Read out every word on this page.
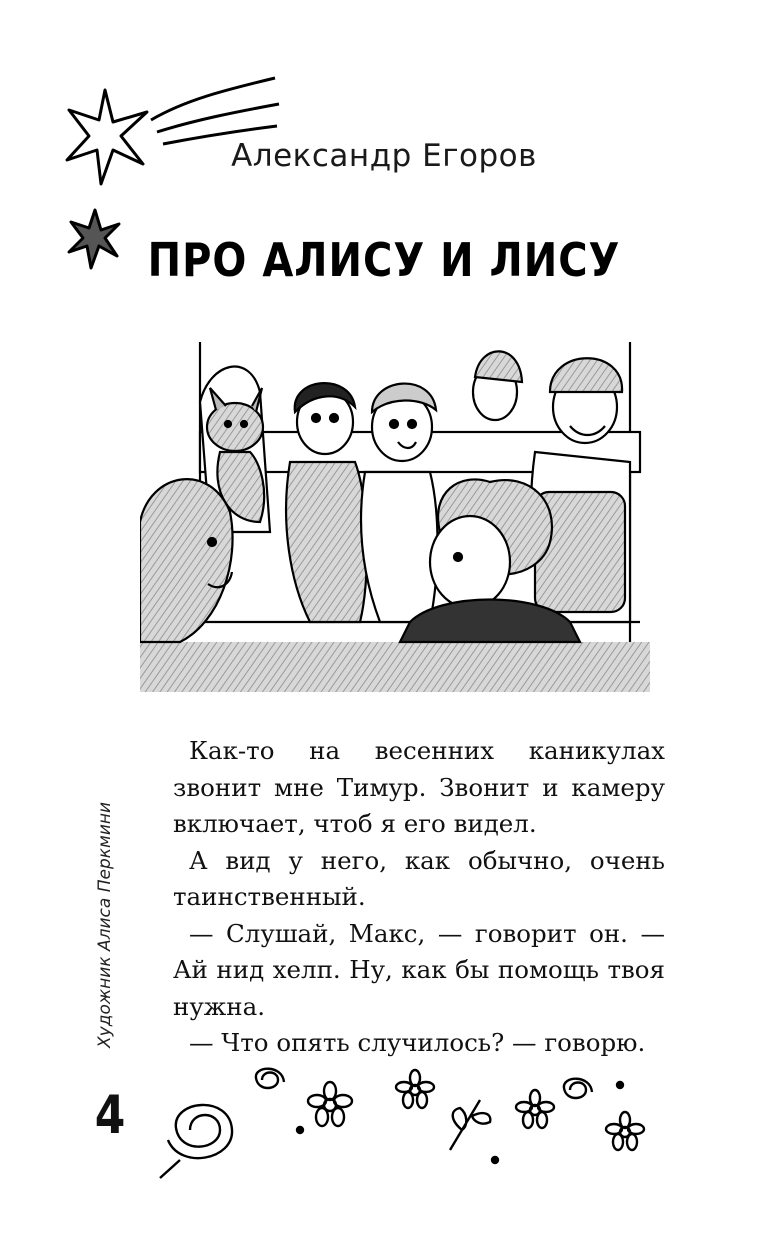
Александр Егоров
ПРО АЛИСУ И ЛИСУ
Художник Алиса Перкмини

Как-то на весенних каникулах звонит мне Тимур. Звонит и камеру включает, чтоб я его видел.

А вид у него, как обычно, очень таинственный.

— Слушай, Макс, — говорит он. — Ай нид хелп. Ну, как бы помощь твоя нужна.

— Что опять случилось? — говорю.

4
